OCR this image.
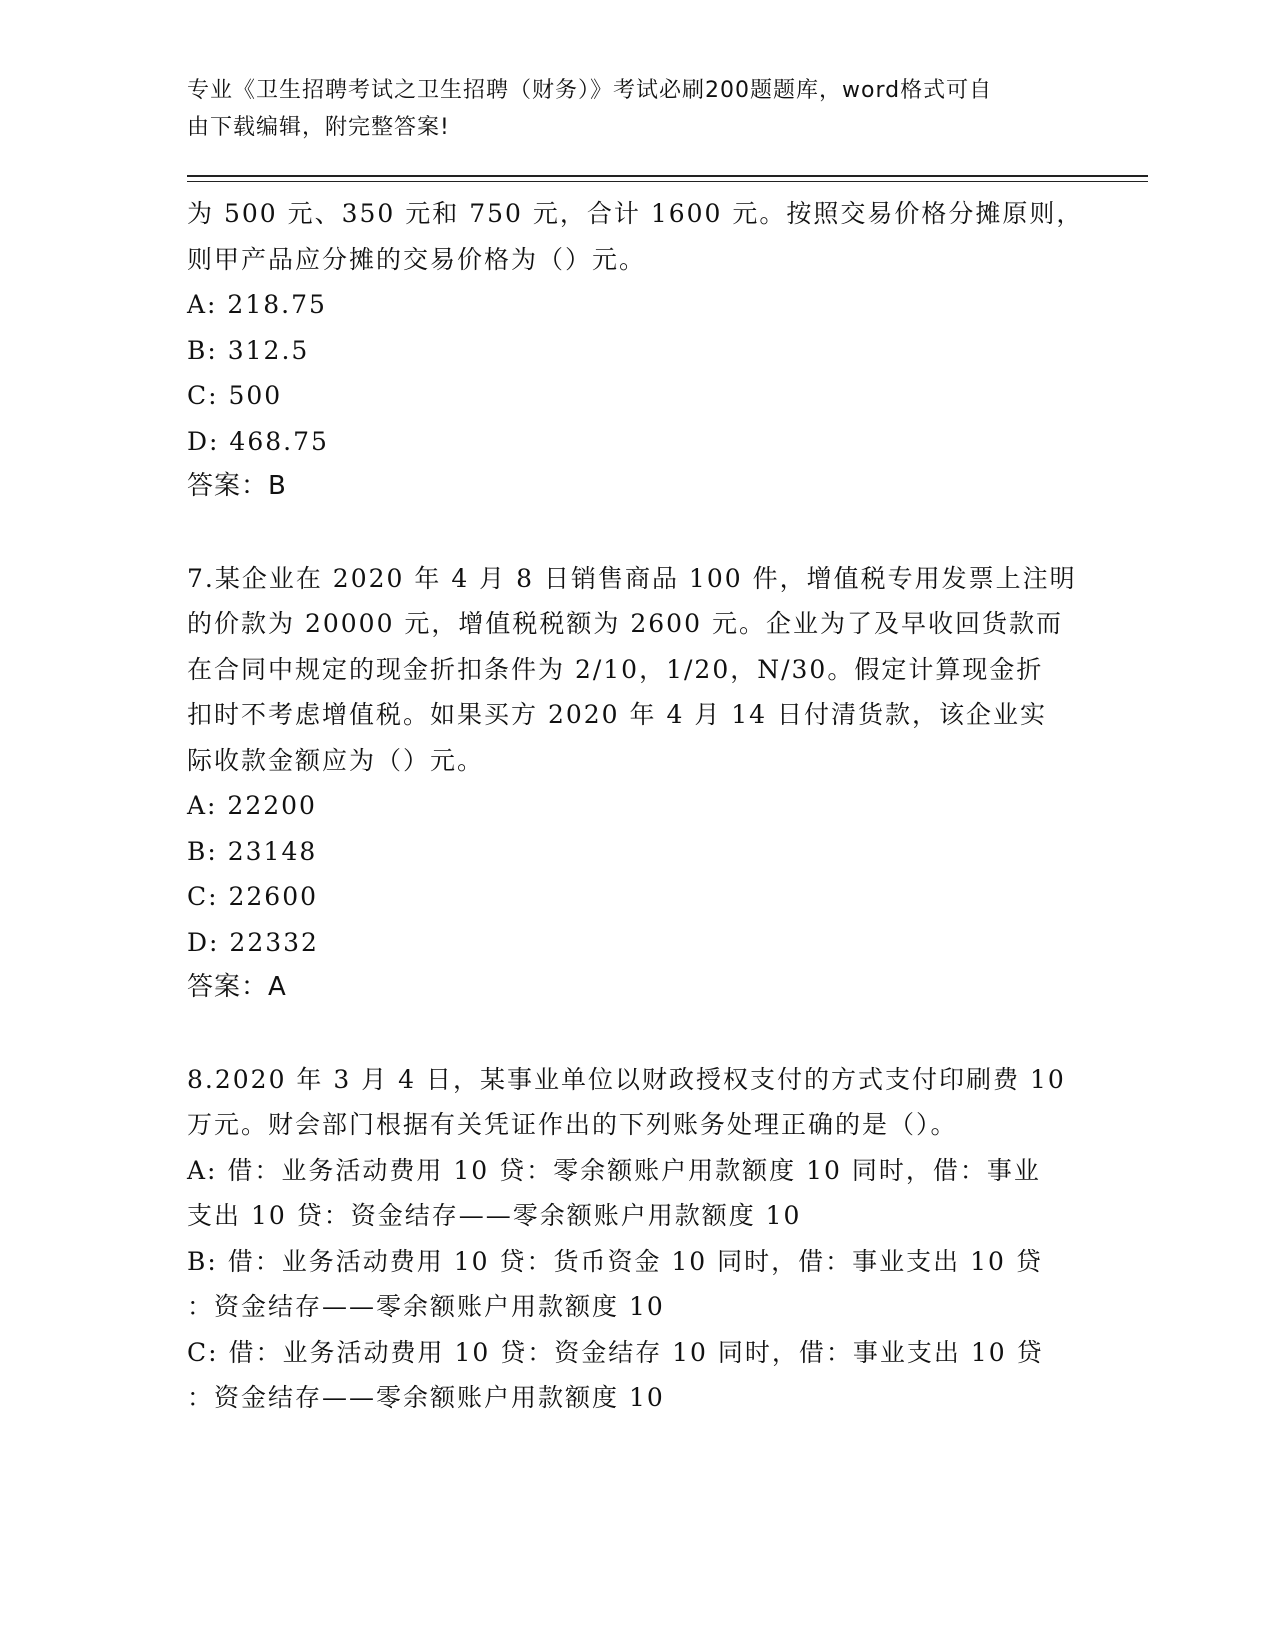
专业《卫生招聘考试之卫生招聘（财务）》考试必刷200题题库，word格式可自
由下载编辑，附完整答案!
为 500 元、350 元和 750 元，合计 1600 元。按照交易价格分摊原则，
则甲产品应分摊的交易价格为（）元。
A: 218.75
B: 312.5
C: 500
D: 468.75
答案：B
7.某企业在 2020 年 4 月 8 日销售商品 100 件，增值税专用发票上注明
的价款为 20000 元，增值税税额为 2600 元。企业为了及早收回货款而
在合同中规定的现金折扣条件为 2/10，1/20，N/30。假定计算现金折
扣时不考虑增值税。如果买方 2020 年 4 月 14 日付清货款，该企业实
际收款金额应为（）元。
A: 22200
B: 23148
C: 22600
D: 22332
答案：A
8.2020 年 3 月 4 日，某事业单位以财政授权支付的方式支付印刷费 10
万元。财会部门根据有关凭证作出的下列账务处理正确的是（）。
A: 借：业务活动费用 10 贷：零余额账户用款额度 10 同时，借：事业
支出 10 贷：资金结存——零余额账户用款额度 10
B: 借：业务活动费用 10 贷：货币资金 10 同时，借：事业支出 10 贷
：资金结存——零余额账户用款额度 10
C: 借：业务活动费用 10 贷：资金结存 10 同时，借：事业支出 10 贷
：资金结存——零余额账户用款额度 10
